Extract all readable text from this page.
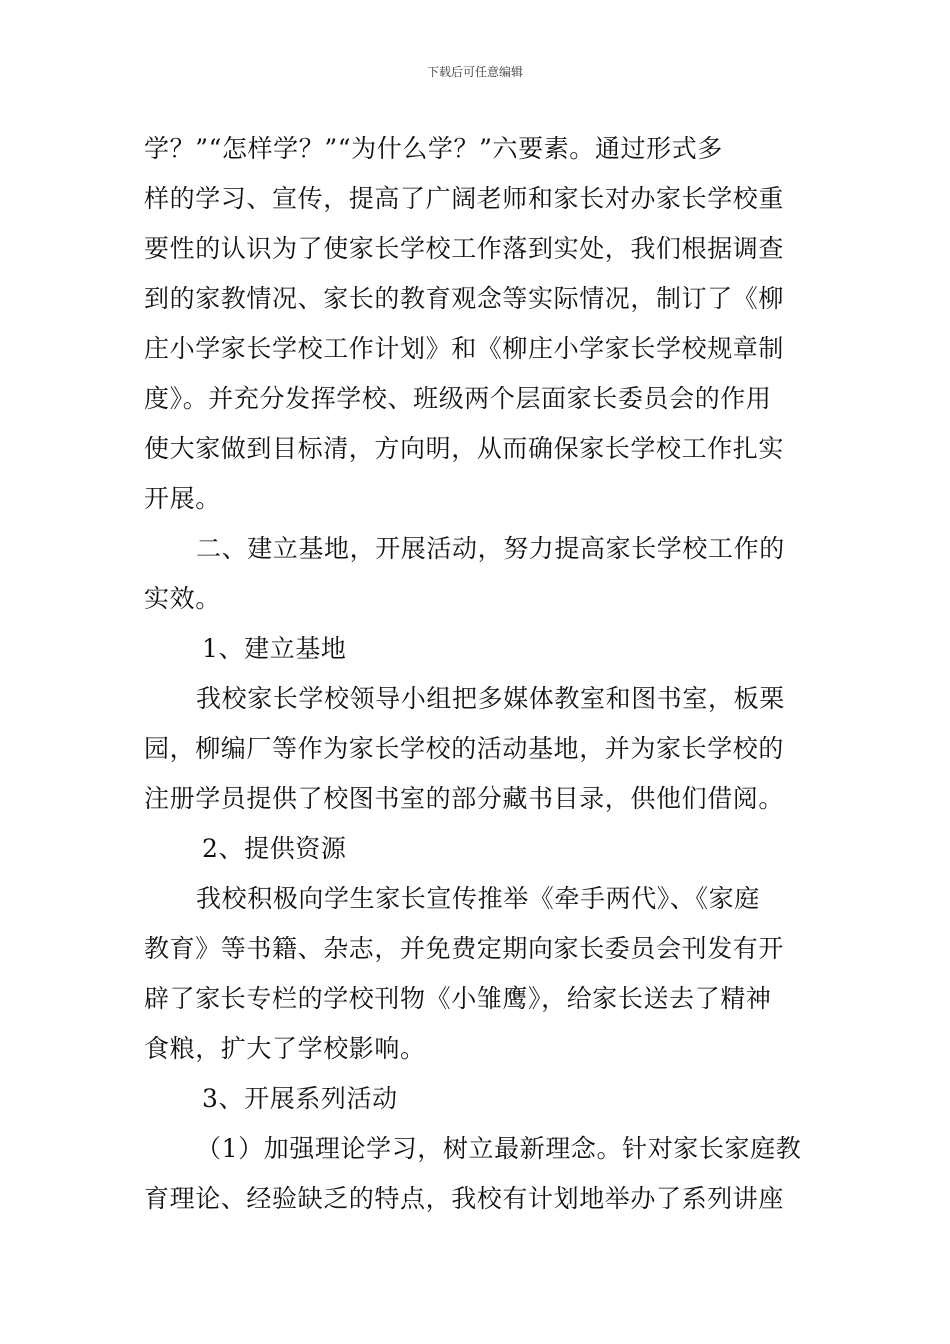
下载后可任意编辑
学？”“怎样学？”“为什么学？”六要素。通过形式多
样的学习、宣传，提高了广阔老师和家长对办家长学校重
要性的认识为了使家长学校工作落到实处，我们根据调查
到的家教情况、家长的教育观念等实际情况，制订了《柳
庄小学家长学校工作计划》和《柳庄小学家长学校规章制
度》。并充分发挥学校、班级两个层面家长委员会的作用
使大家做到目标清，方向明，从而确保家长学校工作扎实
开展。
二、建立基地，开展活动，努力提高家长学校工作的
实效。
1、建立基地
我校家长学校领导小组把多媒体教室和图书室，板栗
园，柳编厂等作为家长学校的活动基地，并为家长学校的
注册学员提供了校图书室的部分藏书目录，供他们借阅。
2、提供资源
我校积极向学生家长宣传推举《牵手两代》、《家庭
教育》等书籍、杂志，并免费定期向家长委员会刊发有开
辟了家长专栏的学校刊物《小雏鹰》，给家长送去了精神
食粮，扩大了学校影响。
3、开展系列活动
（1）加强理论学习，树立最新理念。针对家长家庭教
育理论、经验缺乏的特点，我校有计划地举办了系列讲座
